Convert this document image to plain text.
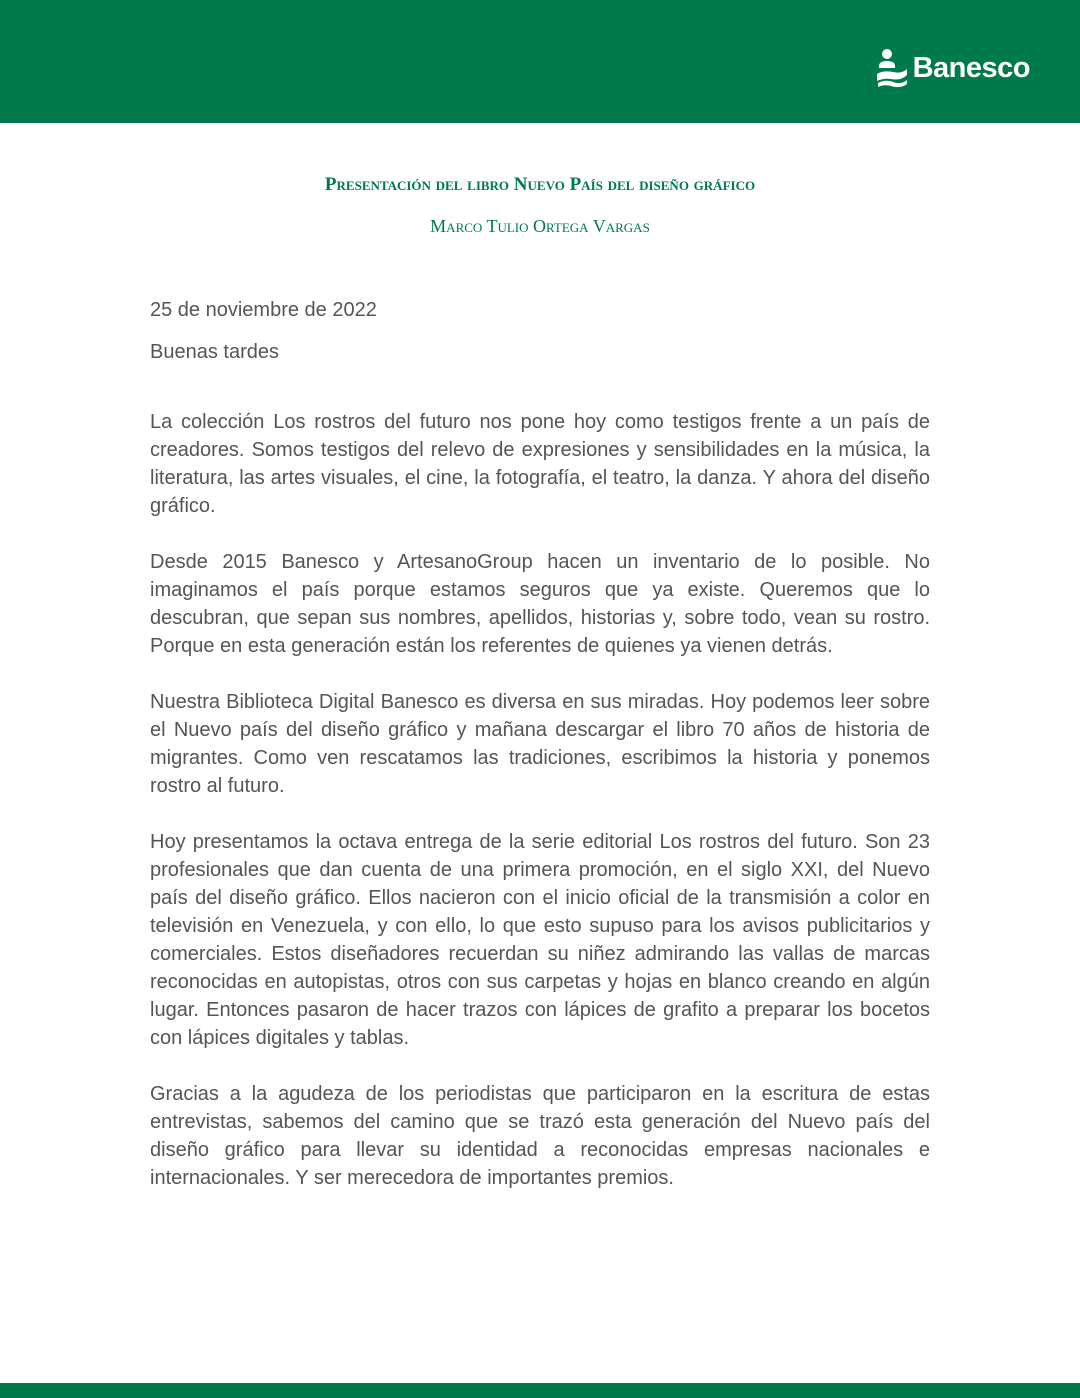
Banesco
Presentación del libro Nuevo País del diseño gráfico
Marco Tulio Ortega Vargas

25 de noviembre de 2022

Buenas tardes

La colección Los rostros del futuro nos pone hoy como testigos frente a un país de creadores. Somos testigos del relevo de expresiones y sensibilidades en la música, la literatura, las artes visuales, el cine, la fotografía, el teatro, la danza. Y ahora del diseño gráfico.

Desde 2015 Banesco y ArtesanoGroup hacen un inventario de lo posible. No imaginamos el país porque estamos seguros que ya existe. Queremos que lo descubran, que sepan sus nombres, apellidos, historias y, sobre todo, vean su rostro. Porque en esta generación están los referentes de quienes ya vienen detrás.

Nuestra Biblioteca Digital Banesco es diversa en sus miradas. Hoy podemos leer sobre el Nuevo país del diseño gráfico y mañana descargar el libro 70 años de historia de migrantes. Como ven rescatamos las tradiciones, escribimos la historia y ponemos rostro al futuro.

Hoy presentamos la octava entrega de la serie editorial Los rostros del futuro. Son 23 profesionales que dan cuenta de una primera promoción, en el siglo XXI, del Nuevo país del diseño gráfico. Ellos nacieron con el inicio oficial de la transmisión a color en televisión en Venezuela, y con ello, lo que esto supuso para los avisos publicitarios y comerciales. Estos diseñadores recuerdan su niñez admirando las vallas de marcas reconocidas en autopistas, otros con sus carpetas y hojas en blanco creando en algún lugar. Entonces pasaron de hacer trazos con lápices de grafito a preparar los bocetos con lápices digitales y tablas.

Gracias a la agudeza de los periodistas que participaron en la escritura de estas entrevistas, sabemos del camino que se trazó esta generación del Nuevo país del diseño gráfico para llevar su identidad a reconocidas empresas nacionales e internacionales. Y ser merecedora de importantes premios.
